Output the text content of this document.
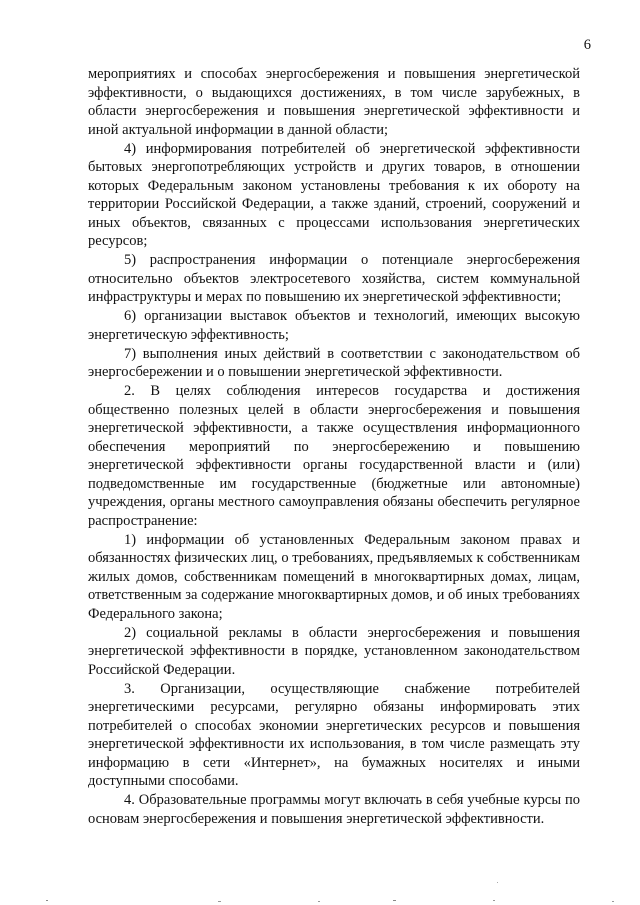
6

мероприятиях и способах энергосбережения и повышения энергетической эффективности, о выдающихся достижениях, в том числе зарубежных, в области энергосбережения и повышения энергетической эффективности и иной актуальной информации в данной области;

4) информирования потребителей об энергетической эффективности бытовых энергопотребляющих устройств и других товаров, в отношении которых Федеральным законом установлены требования к их обороту на территории Российской Федерации, а также зданий, строений, сооружений и иных объектов, связанных с процессами использования энергетических ресурсов;

5) распространения информации о потенциале энергосбережения относительно объектов электросетевого хозяйства, систем коммунальной инфраструктуры и мерах по повышению их энергетической эффективности;

6) организации выставок объектов и технологий, имеющих высокую энергетическую эффективность;

7) выполнения иных действий в соответствии с законодательством об энергосбережении и о повышении энергетической эффективности.

2. В целях соблюдения интересов государства и достижения общественно полезных целей в области энергосбережения и повышения энергетической эффективности, а также осуществления информационного обеспечения мероприятий по энергосбережению и повышению энергетической эффективности органы государственной власти и (или) подведомственные им государственные (бюджетные или автономные) учреждения, органы местного самоуправления обязаны обеспечить регулярное распространение:

1) информации об установленных Федеральным законом правах и обязанностях физических лиц, о требованиях, предъявляемых к собственникам жилых домов, собственникам помещений в многоквартирных домах, лицам, ответственным за содержание многоквартирных домов, и об иных требованиях Федерального закона;

2) социальной рекламы в области энергосбережения и повышения энергетической эффективности в порядке, установленном законодательством Российской Федерации.

3. Организации, осуществляющие снабжение потребителей энергетическими ресурсами, регулярно обязаны информировать этих потребителей о способах экономии энергетических ресурсов и повышения энергетической эффективности их использования, в том числе размещать эту информацию в сети «Интернет», на бумажных носителях и иными доступными способами.

4. Образовательные программы могут включать в себя учебные курсы по основам энергосбережения и повышения энергетической эффективности.
